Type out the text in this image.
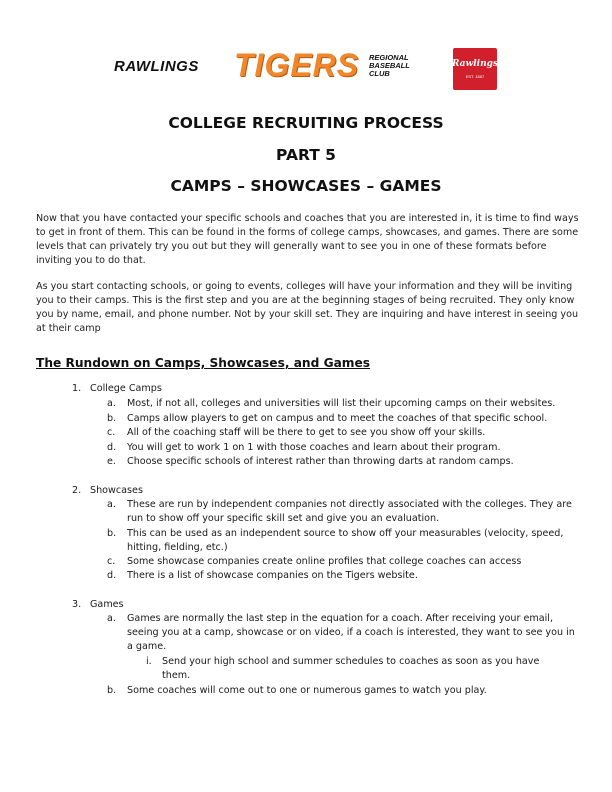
RAWLINGS TIGERS REGIONAL
BASEBALL
CLUB
Rawlings
EST. 1887
COLLEGE RECRUITING PROCESS
PART 5
CAMPS – SHOWCASES – GAMES

Now that you have contacted your specific schools and coaches that you are interested in, it is time to find ways to get in front of them. This can be found in the forms of college camps, showcases, and games. There are some levels that can privately try you out but they will generally want to see you in one of these formats before inviting you to do that.

As you start contacting schools, or going to events, colleges will have your information and they will be inviting you to their camps. This is the first step and you are at the beginning stages of being recruited. They only know you by name, email, and phone number. Not by your skill set. They are inquiring and have interest in seeing you at their camp

The Rundown on Camps, Showcases, and Games
1. College Camps
a. Most, if not all, colleges and universities will list their upcoming camps on their websites.
b. Camps allow players to get on campus and to meet the coaches of that specific school.
c. All of the coaching staff will be there to get to see you show off your skills.
d. You will get to work 1 on 1 with those coaches and learn about their program.
e. Choose specific schools of interest rather than throwing darts at random camps.
2. Showcases
a. These are run by independent companies not directly associated with the colleges. They are run to show off your specific skill set and give you an evaluation.
b. This can be used as an independent source to show off your measurables (velocity, speed, hitting, fielding, etc.)
c. Some showcase companies create online profiles that college coaches can access
d. There is a list of showcase companies on the Tigers website.
3. Games
a. Games are normally the last step in the equation for a coach. After receiving your email, seeing you at a camp, showcase or on video, if a coach is interested, they want to see you in a game.
i. Send your high school and summer schedules to coaches as soon as you have them.
b. Some coaches will come out to one or numerous games to watch you play.
